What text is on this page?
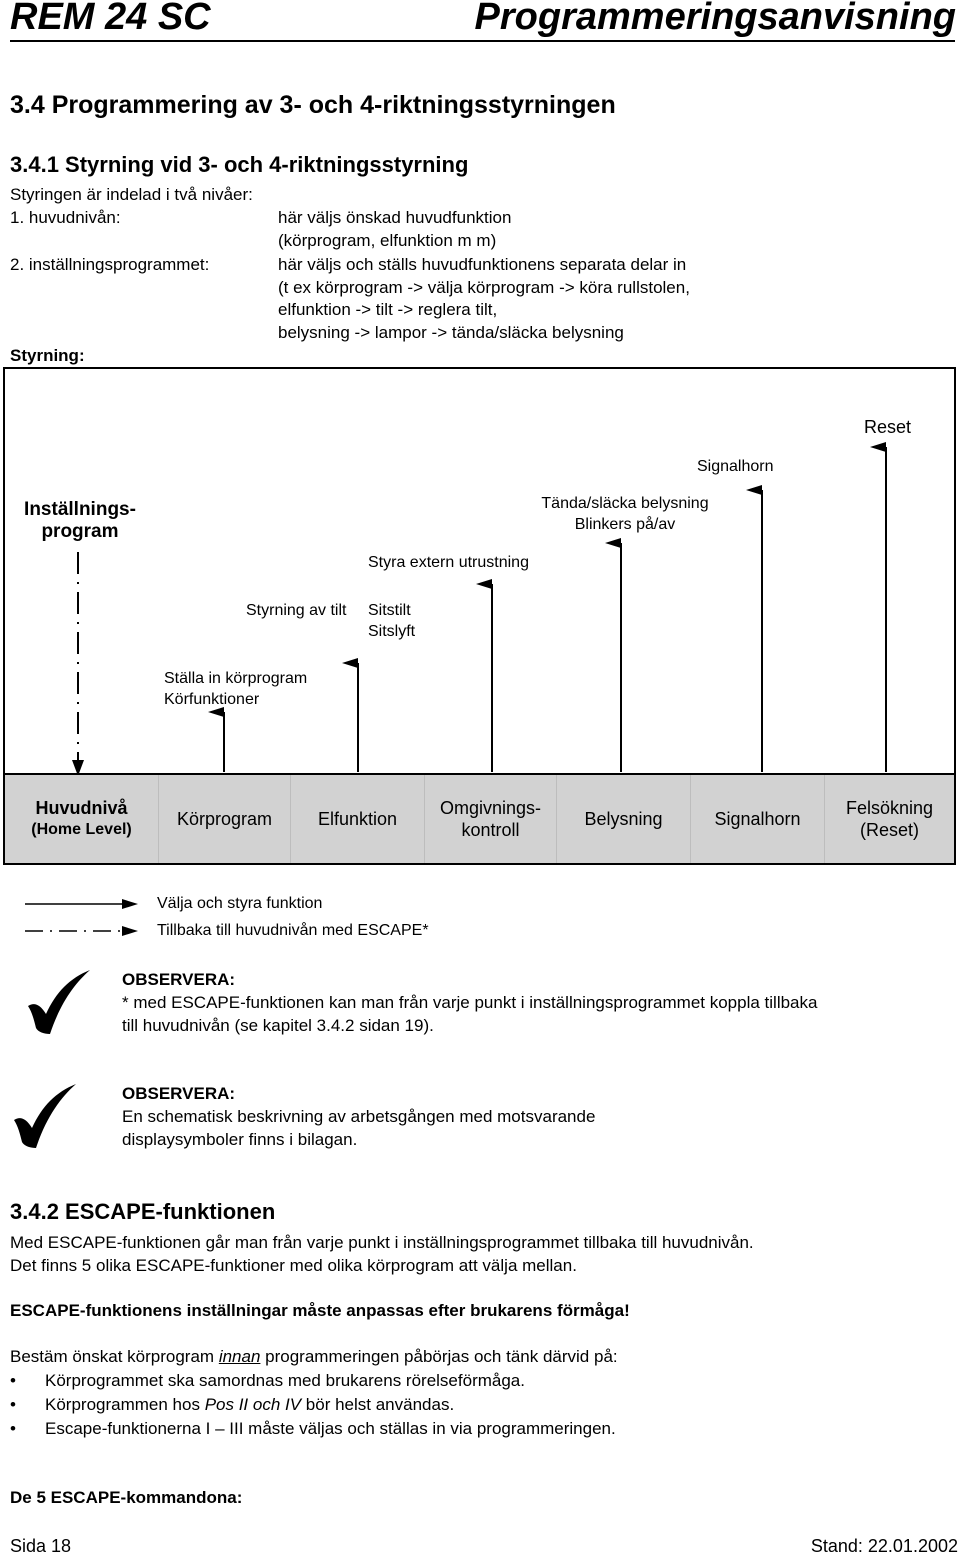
REM 24 SC	Programmeringsanvisning
3.4 Programmering av 3- och 4-riktningsstyrningen
3.4.1 Styrning vid 3- och 4-riktningsstyrning
Styringen är indelad i två nivåer:
1. huvudnivån:	här väljs önskad huvudfunktion
(körprogram, elfunktion m m)
2. inställningsprogrammet:	här väljs och ställs huvudfunktionens separata delar in
(t ex körprogram -> välja körprogram -> köra rullstolen,
elfunktion -> tilt -> reglera tilt,
belysning -> lampor -> tända/släcka belysning
Styrning:
Inställnings-
program
Reset
Signalhorn
Tända/släcka belysning
Blinkers på/av
Styra extern utrustning
Styrning av tilt Sitstilt
Sitslyft
Ställa in körprogram
Körfunktioner
Huvudnivå
(Home Level)
Körprogram	Elfunktion
Omgivnings-
kontroll
Belysning	Signalhorn
Felsökning
(Reset)
Välja och styra funktion
Tillbaka till huvudnivån med ESCAPE*
OBSERVERA:
* med ESCAPE-funktionen kan man från varje punkt i inställningsprogrammet koppla tillbaka
till huvudnivån (se kapitel 3.4.2 sidan 19).
OBSERVERA:
En schematisk beskrivning av arbetsgången med motsvarande
displaysymboler finns i bilagan.
3.4.2 ESCAPE-funktionen
Med ESCAPE-funktionen går man från varje punkt i inställningsprogrammet tillbaka till huvudnivån.
Det finns 5 olika ESCAPE-funktioner med olika körprogram att välja mellan.
ESCAPE-funktionens inställningar måste anpassas efter brukarens förmåga!
Bestäm önskat körprogram innan programmeringen påbörjas och tänk därvid på:
• Körprogrammet ska samordnas med brukarens rörelseförmåga.
• Körprogrammen hos Pos II och IV bör helst användas.
• Escape-funktionerna I – III måste väljas och ställas in via programmeringen.
De 5 ESCAPE-kommandona:
Sida 18	Stand: 22.01.2002
